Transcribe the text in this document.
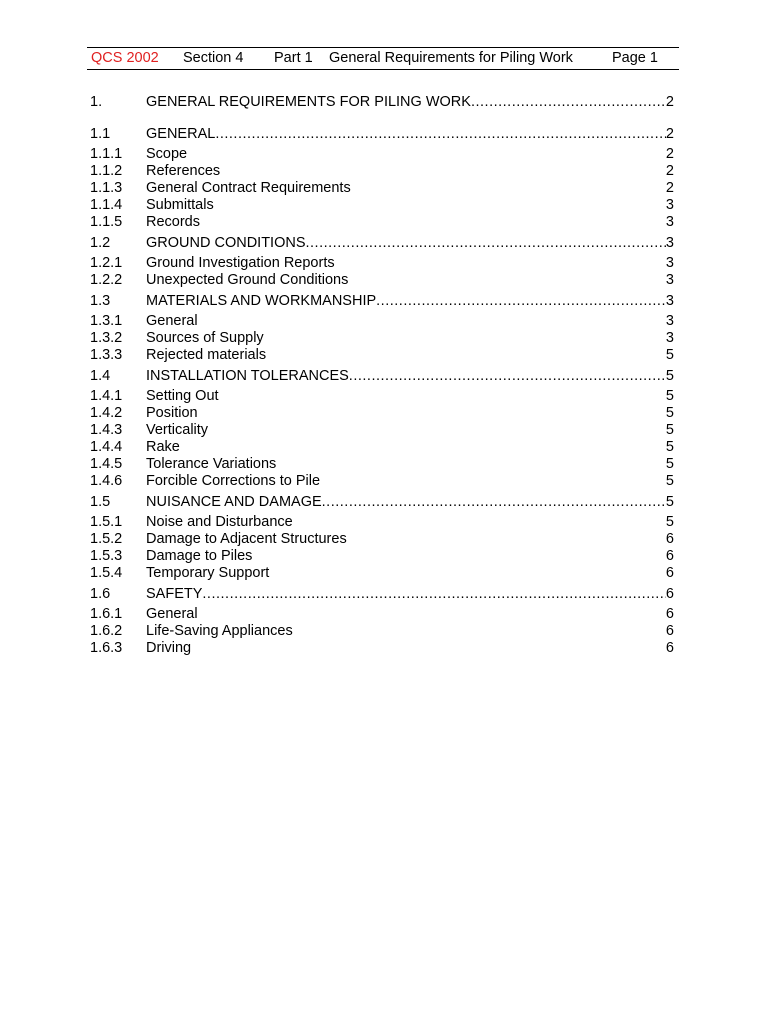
QCS 2002 Section 4 Part 1 General Requirements for Piling Work	Page 1
1.	GENERAL REQUIREMENTS FOR PILING WORK .....	2
1.1 GENERAL .....	2
1.1.1 Scope	2
1.1.2 References	2
1.1.3 General Contract Requirements	2
1.1.4 Submittals	3
1.1.5 Records	3
1.2 GROUND CONDITIONS .....	3
1.2.1 Ground Investigation Reports	3
1.2.2 Unexpected Ground Conditions	3
1.3 MATERIALS AND WORKMANSHIP .....	3
1.3.1 General	3
1.3.2 Sources of Supply	3
1.3.3 Rejected materials	5
1.4 INSTALLATION TOLERANCES .....	5
1.4.1 Setting Out	5
1.4.2 Position	5
1.4.3 Verticality	5
1.4.4 Rake	5
1.4.5 Tolerance Variations	5
1.4.6 Forcible Corrections to Pile	5
1.5 NUISANCE AND DAMAGE .....	5
1.5.1 Noise and Disturbance	5
1.5.2 Damage to Adjacent Structures	6
1.5.3 Damage to Piles	6
1.5.4 Temporary Support	6
1.6 SAFETY .....	6
1.6.1 General	6
1.6.2 Life-Saving Appliances	6
1.6.3 Driving	6
